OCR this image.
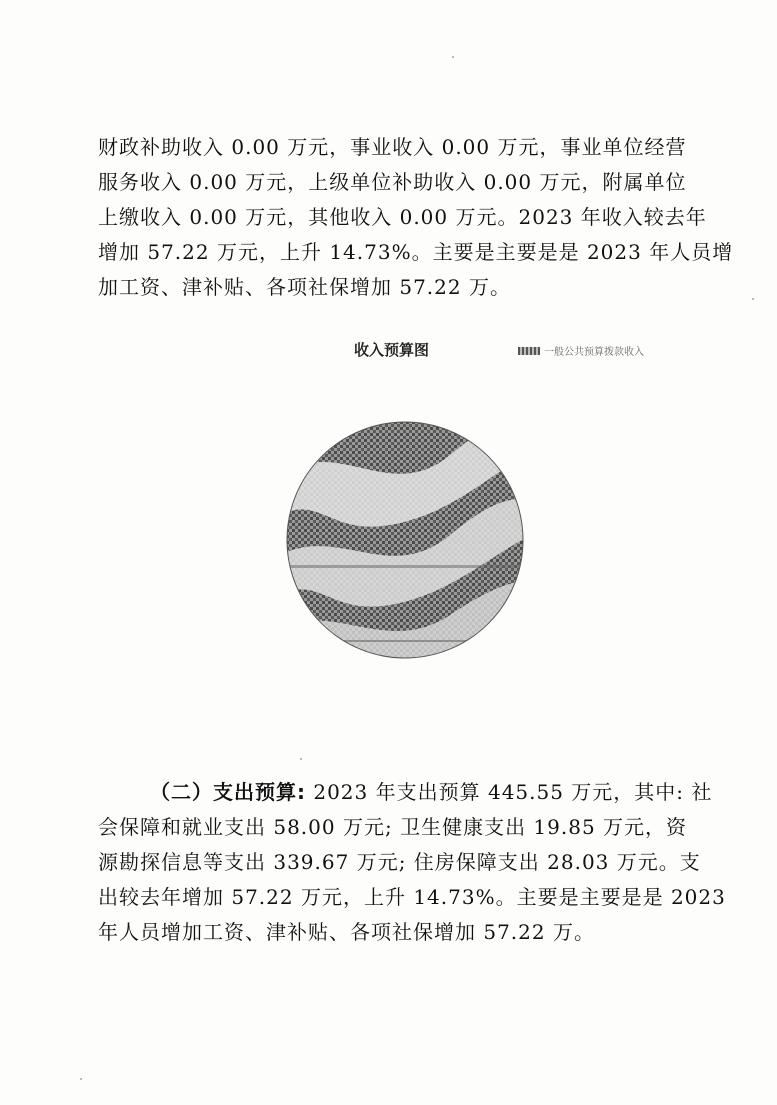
财政补助收入 0.00 万元，事业收入 0.00 万元，事业单位经营
服务收入 0.00 万元，上级单位补助收入 0.00 万元，附属单位
上缴收入 0.00 万元，其他收入 0.00 万元。2023 年收入较去年
增加 57.22 万元，上升 14.73%。主要是主要是是 2023 年人员增
加工资、津补贴、各项社保增加 57.22 万。
收入预算图	一般公共预算拨款收入
（二）支出预算: 2023 年支出预算 445.55 万元，其中: 社
会保障和就业支出 58.00 万元; 卫生健康支出 19.85 万元，资
源勘探信息等支出 339.67 万元; 住房保障支出 28.03 万元。支
出较去年增加 57.22 万元，上升 14.73%。主要是主要是是 2023
年人员增加工资、津补贴、各项社保增加 57.22 万。
